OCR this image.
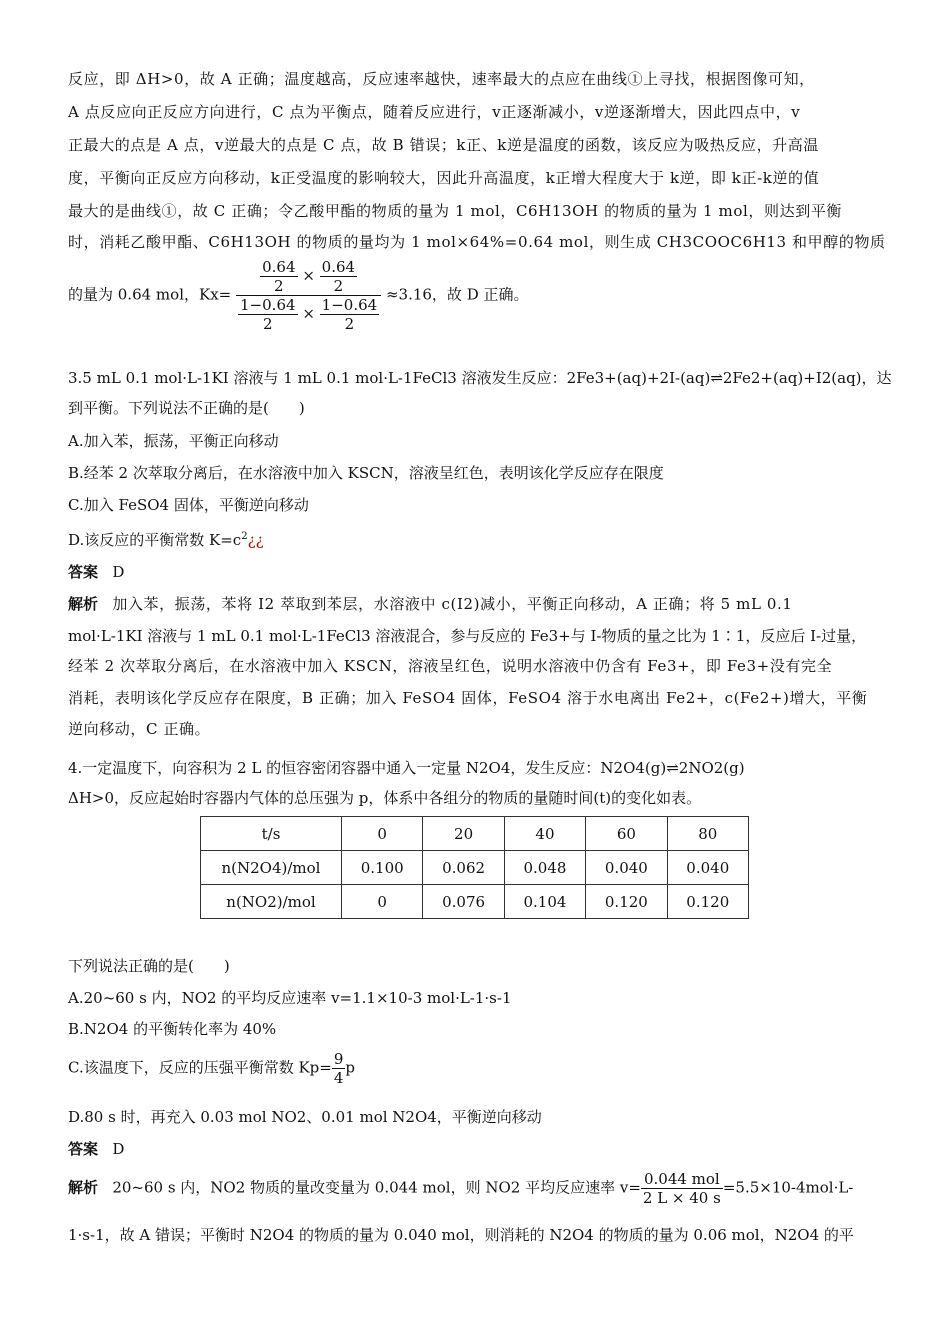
反应，即 ΔH>0，故 A 正确；温度越高，反应速率越快，速率最大的点应在曲线①上寻找，根据图像可知，
A 点反应向正反应方向进行，C 点为平衡点，随着反应进行，v正逐渐减小，v逆逐渐增大，因此四点中，v
正最大的点是 A 点，v逆最大的点是 C 点，故 B 错误；k正、k逆是温度的函数，该反应为吸热反应，升高温
度，平衡向正反应方向移动，k正受温度的影响较大，因此升高温度，k正增大程度大于 k逆，即 k正-k逆的值
最大的是曲线①，故 C 正确；令乙酸甲酯的物质的量为 1 mol，C6H13OH 的物质的量为 1 mol，则达到平衡
时，消耗乙酸甲酯、C6H13OH 的物质的量均为 1 mol×64%=0.64 mol，则生成 CH3COOC6H13 和甲醇的物质
的量为 0.64 mol，$Kx= \frac{\frac{0.64}{2} \times \frac{0.64}{2}}{\frac{1-0.64}{2} \times \frac{1-0.64}{2}} \approx 3.16$，故 D 正确。
3.5 mL 0.1 mol·L-1KI 溶液与 1 mL 0.1 mol·L-1FeCl3 溶液发生反应：2Fe3+(aq)+2I-(aq)⇌2Fe2+(aq)+I2(aq)，达
到平衡。下列说法不正确的是(　　)
A.加入苯，振荡，平衡正向移动
B.经苯 2 次萃取分离后，在水溶液中加入 KSCN，溶液呈红色，表明该化学反应存在限度
C.加入 FeSO4 固体，平衡逆向移动
D.该反应的平衡常数 $K=c^2¿¿$
答案 D
解析 加入苯，振荡，苯将 I2 萃取到苯层，水溶液中 c(I2)减小，平衡正向移动，A 正确；将 5 mL 0.1
mol·L-1KI 溶液与 1 mL 0.1 mol·L-1FeCl3 溶液混合，参与反应的 Fe3+与 I-物质的量之比为 1∶1，反应后 I-过量，
经苯 2 次萃取分离后，在水溶液中加入 KSCN，溶液呈红色，说明水溶液中仍含有 Fe3+，即 Fe3+没有完全
消耗，表明该化学反应存在限度，B 正确；加入 FeSO4 固体，FeSO4 溶于水电离出 Fe2+，c(Fe2+)增大，平衡
逆向移动，C 正确。
4.一定温度下，向容积为 2 L 的恒容密闭容器中通入一定量 N2O4，发生反应：N2O4(g)⇌2NO2(g)
ΔH>0，反应起始时容器内气体的总压强为 p，体系中各组分的物质的量随时间(t)的变化如表。
t/s	0	20	40	60	80
n(N2O4)/mol	0.100	0.062	0.048	0.040	0.040
n(NO2)/mol	0	0.076	0.104	0.120	0.120
下列说法正确的是(　　)
A.20~60 s 内，NO2 的平均反应速率 v=1.1×10-3 mol·L-1·s-1
B.N2O4 的平衡转化率为 40%
C.该温度下，反应的压强平衡常数 $Kp= \frac{9}{4}$ p
D.80 s 时，再充入 0.03 mol NO2、0.01 mol N2O4，平衡逆向移动
答案 D
解析 20~60 s 内，NO2 物质的量改变量为 0.044 mol，则 NO2 平均反应速率 $v= \frac{\text{0.044 mol}}{2 L \times 40 s} =5.5\times 10-4mol\cdot L-$
1·s-1，故 A 错误；平衡时 N2O4 的物质的量为 0.040 mol，则消耗的 N2O4 的物质的量为 0.06 mol，N2O4 的平
